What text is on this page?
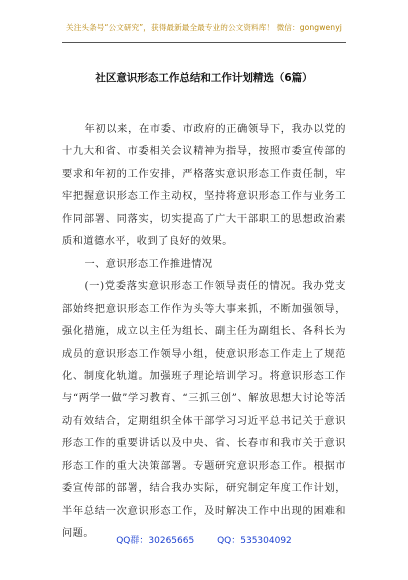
关注头条号“公文研究”，获得最新最全最专业的公文资料库！ 微信：gongwenyj
社区意识形态工作总结和工作计划精选（6篇）

年初以来，在市委、市政府的正确领导下，我办以党的十九大和省、市委相关会议精神为指导，按照市委宣传部的要求和年初的工作安排，严格落实意识形态工作责任制，牢牢把握意识形态工作主动权，坚持将意识形态工作与业务工作同部署、同落实，切实提高了广大干部职工的思想政治素质和道德水平，收到了良好的效果。

一、意识形态工作推进情况

(一)党委落实意识形态工作领导责任的情况。我办党支部始终把意识形态工作作为头等大事来抓，不断加强领导，强化措施，成立以主任为组长、副主任为副组长、各科长为成员的意识形态工作领导小组，使意识形态工作走上了规范化、制度化轨道。加强班子理论培训学习。将意识形态工作与“两学一做”学习教育、“三抓三创”、解放思想大讨论等活动有效结合，定期组织全体干部学习习近平总书记关于意识形态工作的重要讲话以及中央、省、长春市和我市关于意识形态工作的重大决策部署。专题研究意识形态工作。根据市委宣传部的部署，结合我办实际，研究制定年度工作计划，半年总结一次意识形态工作，及时解决工作中出现的困难和问题。

QQ群：30265665	QQ：535304092
